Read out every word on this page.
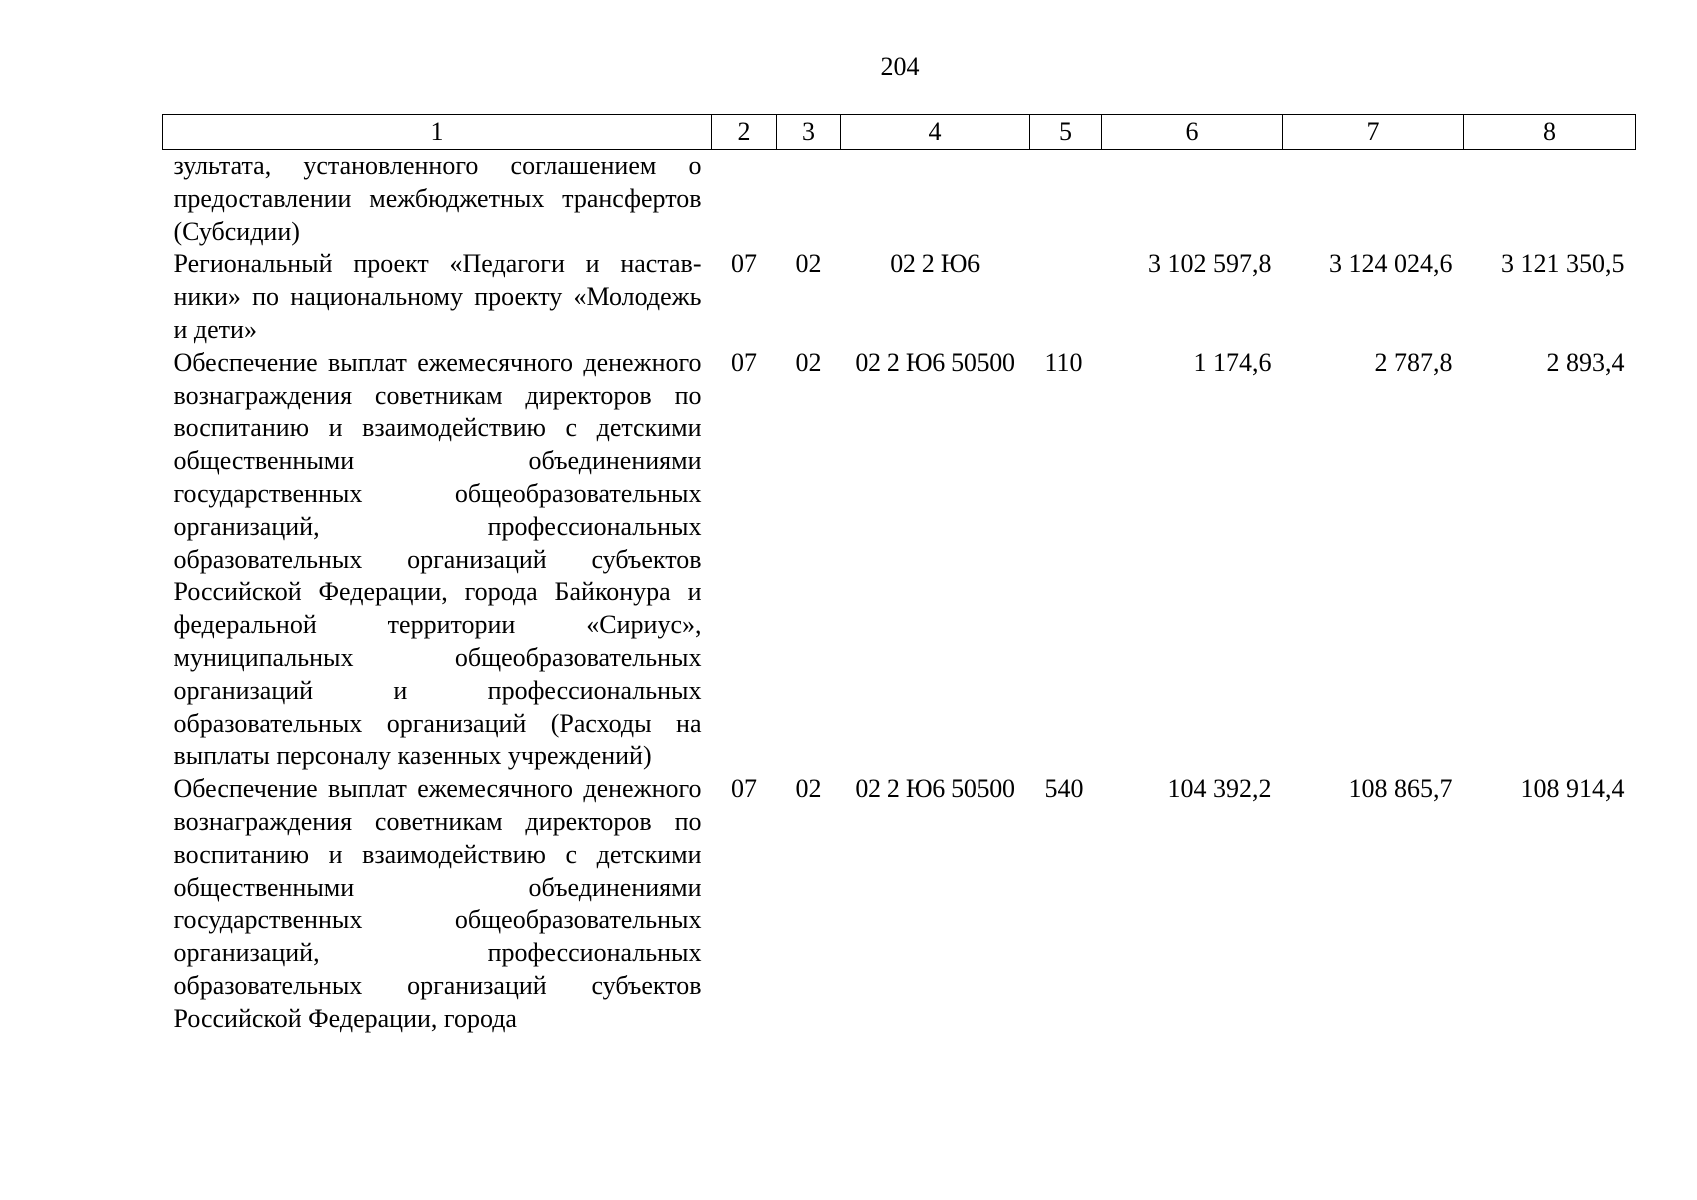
204
1	2	3	4	5	6	7	8
зультата, установленного соглашением о предоставлении межбюджетных трансфертов (Субсидии)							
Региональный проект «Педагоги и наставники» по национальному проекту «Молодежь и дети»	07	02	02 2 Ю6		3 102 597,8	3 124 024,6	3 121 350,5
Обеспечение выплат ежемесячного денежного вознаграждения советникам директоров по воспитанию и взаимодействию с детскими общественными объединениями государственных общеобразовательных организаций, профессиональных образовательных организаций субъектов Российской Федерации, города Байконура и федеральной территории «Сириус», муниципальных общеобразовательных организаций и профессиональных образовательных организаций (Расходы на выплаты персоналу казенных учреждений)	07	02	02 2 Ю6 50500	110	1 174,6	2 787,8	2 893,4
Обеспечение выплат ежемесячного денежного вознаграждения советникам директоров по воспитанию и взаимодействию с детскими общественными объединениями государственных общеобразовательных организаций, профессиональных образовательных организаций субъектов Российской Федерации, города	07	02	02 2 Ю6 50500	540	104 392,2	108 865,7	108 914,4
